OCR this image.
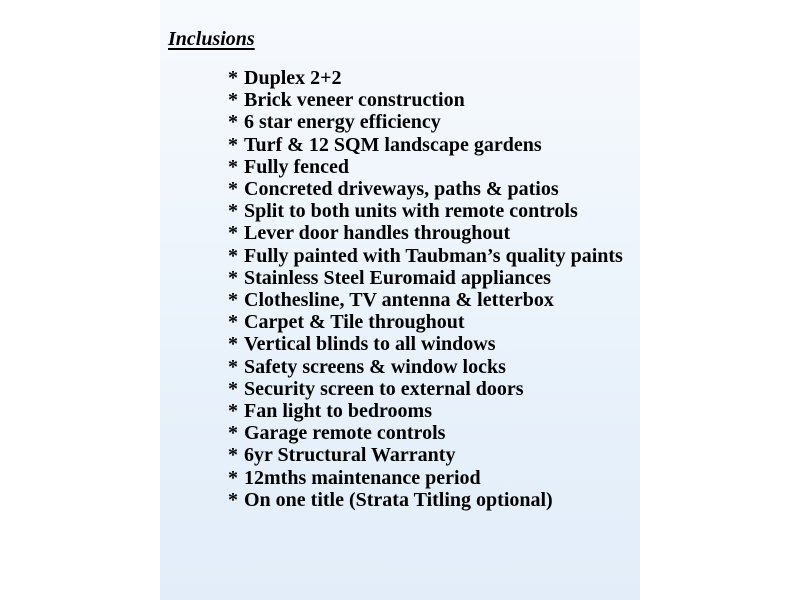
Inclusions
* Duplex 2+2
* Brick veneer construction
* 6 star energy efficiency
* Turf & 12 SQM landscape gardens
* Fully fenced
* Concreted driveways, paths & patios
* Split to both units with remote controls
* Lever door handles throughout
* Fully painted with Taubman’s quality paints
* Stainless Steel Euromaid appliances
* Clothesline, TV antenna & letterbox
* Carpet & Tile throughout
* Vertical blinds to all windows
* Safety screens & window locks
* Security screen to external doors
* Fan light to bedrooms
* Garage remote controls
* 6yr Structural Warranty
* 12mths maintenance period
* On one title (Strata Titling optional)
